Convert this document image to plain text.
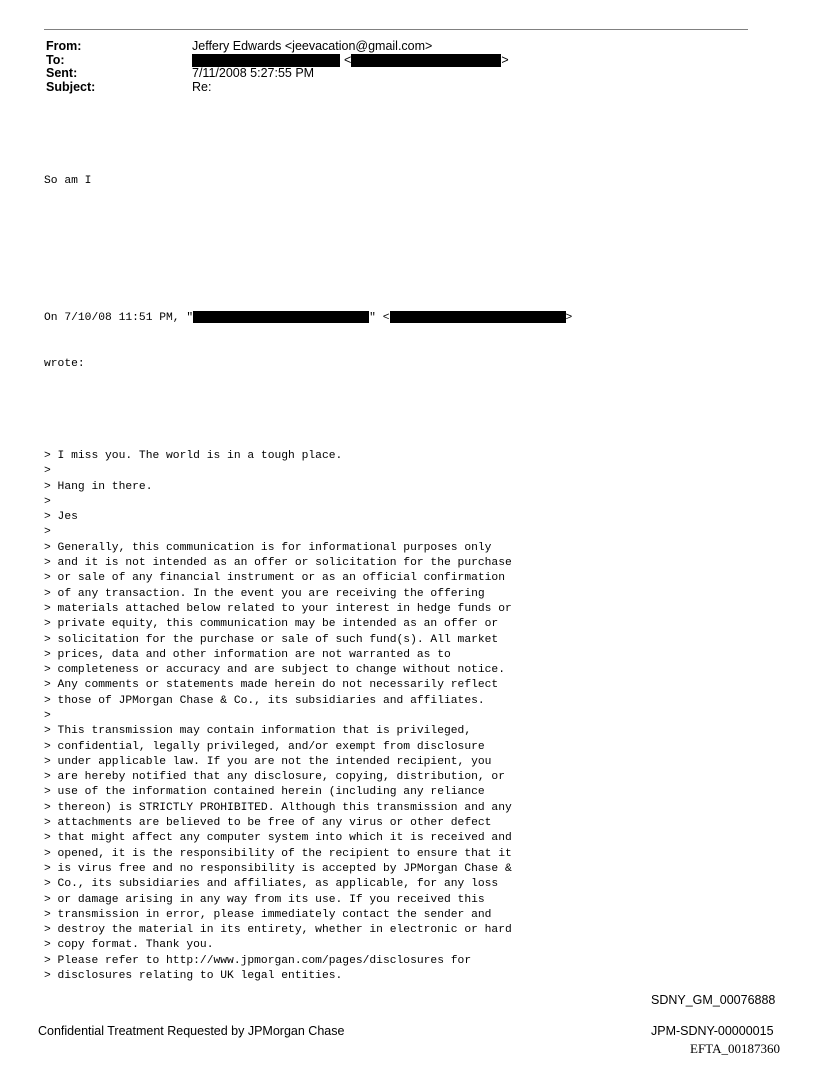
From:	Jeffery Edwards <jeevacation@gmail.com>
To:	<	>
Sent:	7/11/2008 5:27:55 PM
Subject:	Re:

So am I

On 7/10/08 11:51 PM, "	" <	>

wrote:

> I miss you. The world is in a tough place.
>
> Hang in there.
>
> Jes
>
> Generally, this communication is for informational purposes only
> and it is not intended as an offer or solicitation for the purchase
> or sale of any financial instrument or as an official confirmation
> of any transaction. In the event you are receiving the offering
> materials attached below related to your interest in hedge funds or
> private equity, this communication may be intended as an offer or
> solicitation for the purchase or sale of such fund(s). All market
> prices, data and other information are not warranted as to
> completeness or accuracy and are subject to change without notice.
> Any comments or statements made herein do not necessarily reflect
> those of JPMorgan Chase & Co., its subsidiaries and affiliates.
>
> This transmission may contain information that is privileged,
> confidential, legally privileged, and/or exempt from disclosure
> under applicable law. If you are not the intended recipient, you
> are hereby notified that any disclosure, copying, distribution, or
> use of the information contained herein (including any reliance
> thereon) is STRICTLY PROHIBITED. Although this transmission and any
> attachments are believed to be free of any virus or other defect
> that might affect any computer system into which it is received and
> opened, it is the responsibility of the recipient to ensure that it
> is virus free and no responsibility is accepted by JPMorgan Chase &
> Co., its subsidiaries and affiliates, as applicable, for any loss
> or damage arising in any way from its use. If you received this
> transmission in error, please immediately contact the sender and
> destroy the material in its entirety, whether in electronic or hard
> copy format. Thank you.
> Please refer to http://www.jpmorgan.com/pages/disclosures for
> disclosures relating to UK legal entities.

SDNY_GM_00076888
Confidential Treatment Requested by JPMorgan Chase	JPM-SDNY-00000015
EFTA_00187360
